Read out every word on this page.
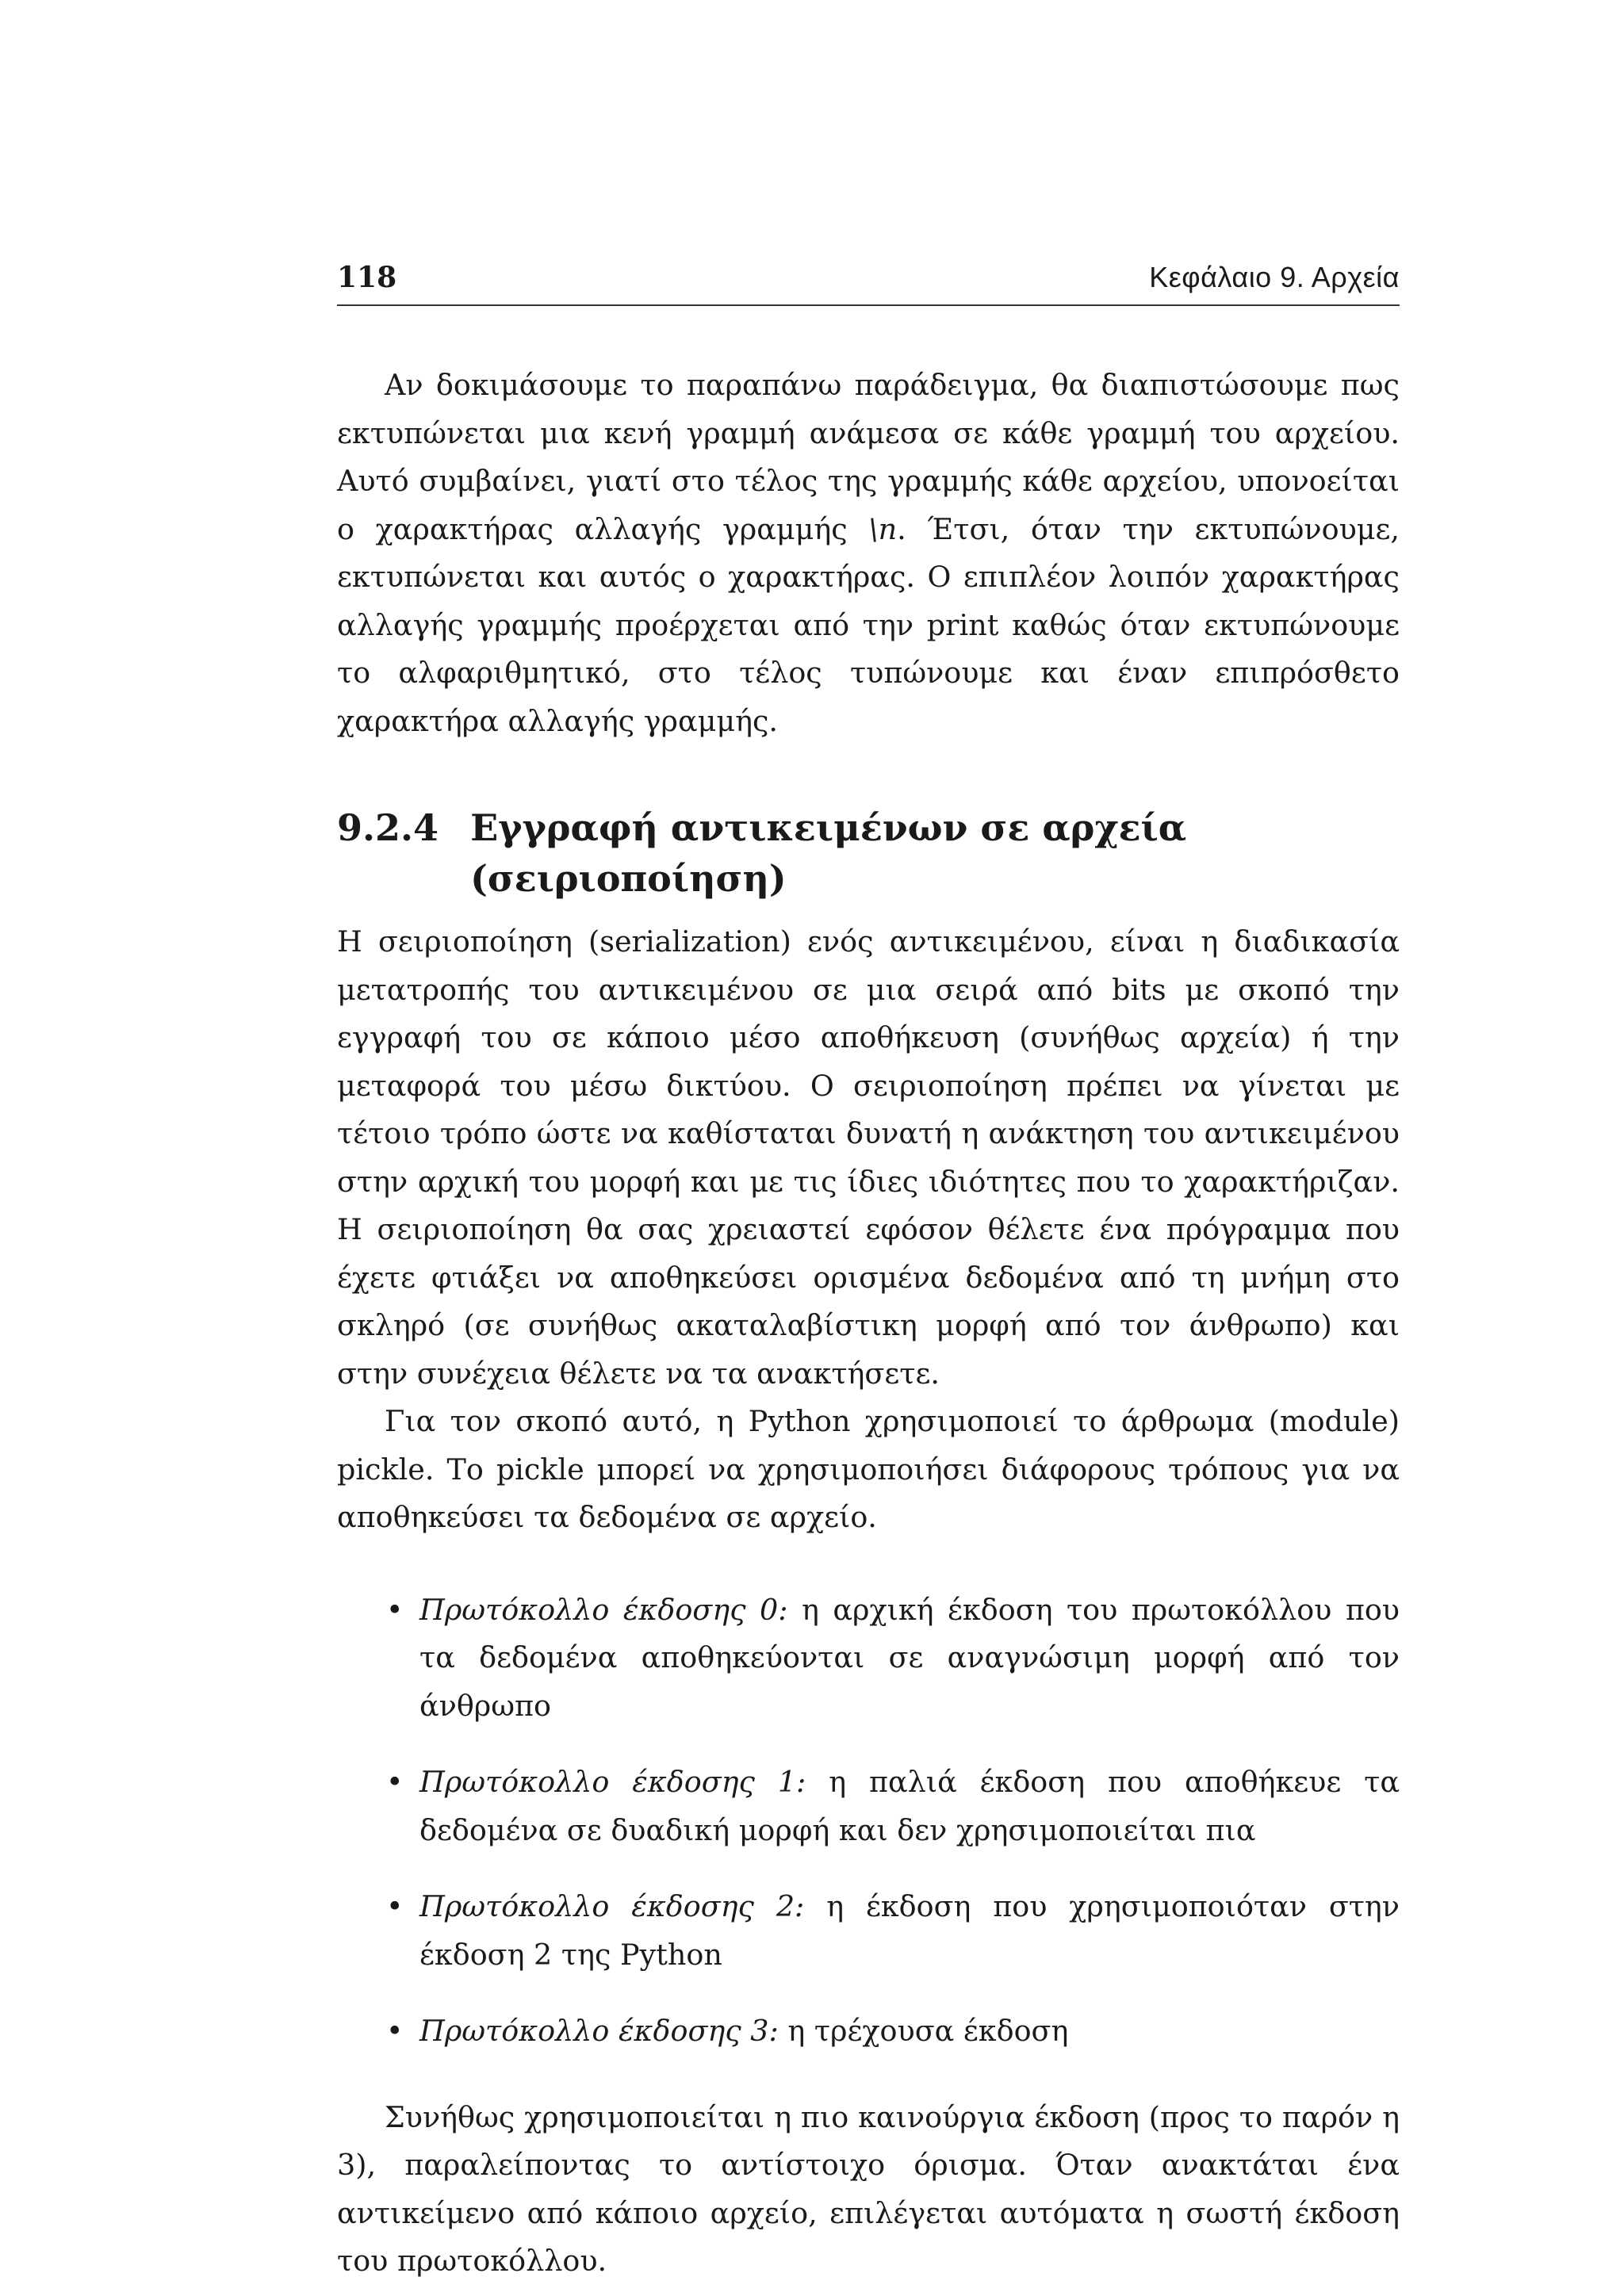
118	Κεφάλαιο 9. Αρχεία

Αν δοκιμάσουμε το παραπάνω παράδειγμα, θα διαπιστώσουμε πως εκτυπώνεται μια κενή γραμμή ανάμεσα σε κάθε γραμμή του αρχείου. Αυτό συμβαίνει, γιατί στο τέλος της γραμμής κάθε αρχείου, υπονοείται ο χαρακτήρας αλλαγής γραμμής \n. Έτσι, όταν την εκτυπώνουμε, εκτυπώνεται και αυτός ο χαρακτήρας. Ο επιπλέον λοιπόν χαρακτήρας αλλαγής γραμμής προέρχεται από την print καθώς όταν εκτυπώνουμε το αλφαριθμητικό, στο τέλος τυπώνουμε και έναν επιπρόσθετο χαρακτήρα αλλαγής γραμμής.

9.2.4 Εγγραφή αντικειμένων σε αρχεία (σειριοποίηση)

Η σειριοποίηση (serialization) ενός αντικειμένου, είναι η διαδικασία μετατροπής του αντικειμένου σε μια σειρά από bits με σκοπό την εγγραφή του σε κάποιο μέσο αποθήκευση (συνήθως αρχεία) ή την μεταφορά του μέσω δικτύου. Ο σειριοποίηση πρέπει να γίνεται με τέτοιο τρόπο ώστε να καθίσταται δυνατή η ανάκτηση του αντικειμένου στην αρχική του μορφή και με τις ίδιες ιδιότητες που το χαρακτήριζαν. Η σειριοποίηση θα σας χρειαστεί εφόσον θέλετε ένα πρόγραμμα που έχετε φτιάξει να αποθηκεύσει ορισμένα δεδομένα από τη μνήμη στο σκληρό (σε συνήθως ακαταλαβίστικη μορφή από τον άνθρωπο) και στην συνέχεια θέλετε να τα ανακτήσετε.

Για τον σκοπό αυτό, η Python χρησιμοποιεί το άρθρωμα (module) pickle. Το pickle μπορεί να χρησιμοποιήσει διάφορους τρόπους για να αποθηκεύσει τα δεδομένα σε αρχείο.

• Πρωτόκολλο έκδοσης 0: η αρχική έκδοση του πρωτοκόλλου που τα δεδομένα αποθηκεύονται σε αναγνώσιμη μορφή από τον άνθρωπο
• Πρωτόκολλο έκδοσης 1: η παλιά έκδοση που αποθήκευε τα δεδομένα σε δυαδική μορφή και δεν χρησιμοποιείται πια
• Πρωτόκολλο έκδοσης 2: η έκδοση που χρησιμοποιόταν στην έκδοση 2 της Python
• Πρωτόκολλο έκδοσης 3: η τρέχουσα έκδοση

Συνήθως χρησιμοποιείται η πιο καινούργια έκδοση (προς το παρόν η 3), παραλείποντας το αντίστοιχο όρισμα. Όταν ανακτάται ένα αντικείμενο από κάποιο αρχείο, επιλέγεται αυτόματα η σωστή έκδοση του πρωτοκόλλου.
